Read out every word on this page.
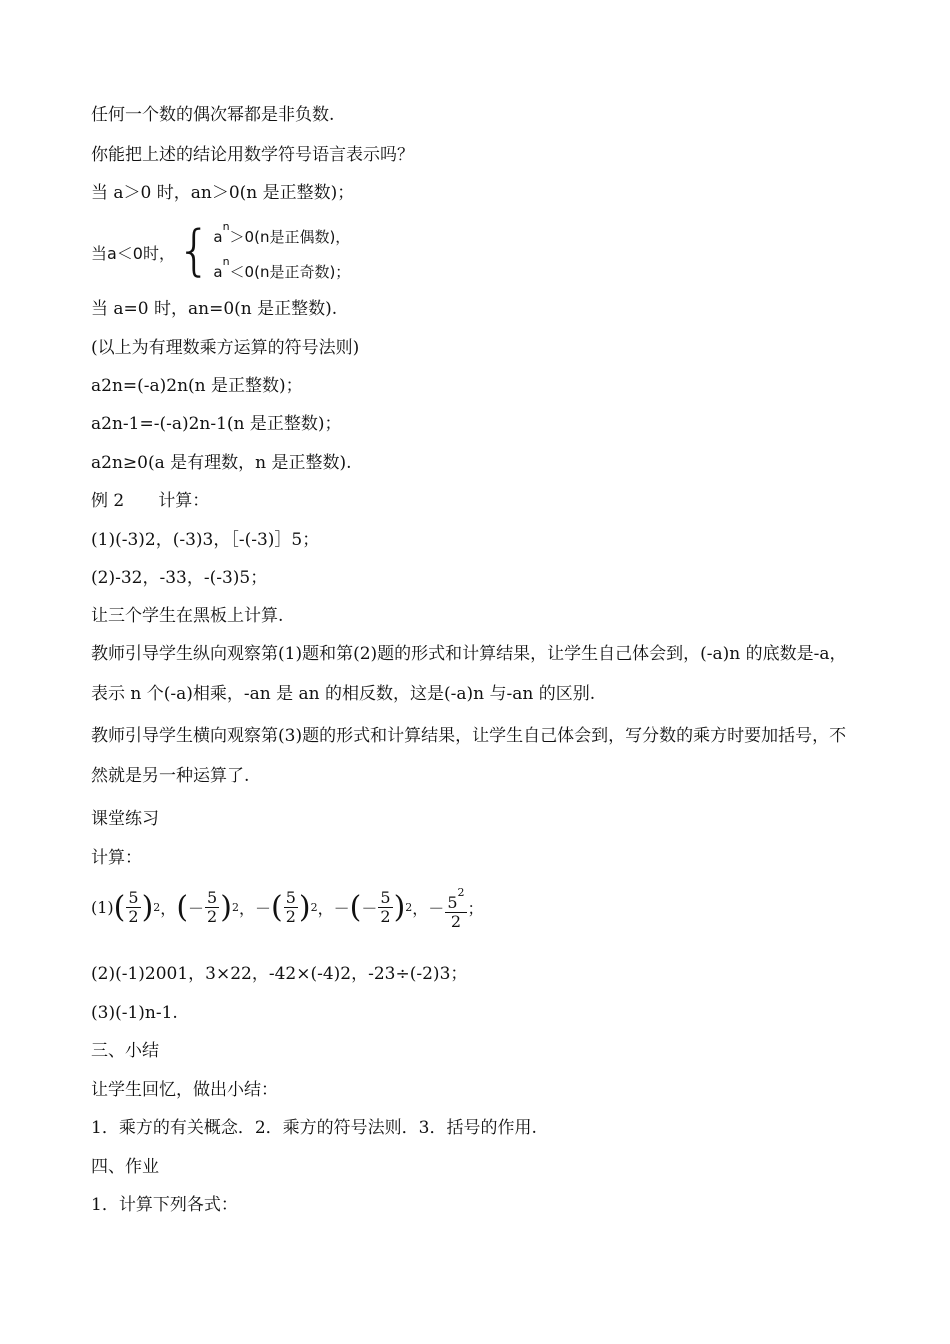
任何一个数的偶次幂都是非负数.
你能把上述的结论用数学符号语言表示吗？
当 a＞0 时，an＞0(n 是正整数)；
当a＜0时， { $a^n>0(n$是正偶数)，
$a^n<0(n$是正奇数)；
当 a=0 时，an=0(n 是正整数).
(以上为有理数乘方运算的符号法则)
a2n=(-a)2n(n 是正整数)；
a2n-1=-(-a)2n-1(n 是正整数)；
a2n≥0(a 是有理数，n 是正整数).
例 2　　计算：
(1)(-3)2，(-3)3，［-(-3)］5；
(2)-32，-33，-(-3)5；
让三个学生在黑板上计算.
教师引导学生纵向观察第(1)题和第(2)题的形式和计算结果，让学生自己体会到，(-a)n 的底数是-a，表示 n 个(-a)相乘，-an 是 an 的相反数，这是(-a)n 与-an 的区别.
教师引导学生横向观察第(3)题的形式和计算结果，让学生自己体会到，写分数的乘方时要加括号，不然就是另一种运算了.
课堂练习
计算：
(1) ( $\frac{5}{2}$ ) 2 ， ( － $\frac{5}{2}$ ) 2 ， － ( $\frac{5}{2}$ ) 2 ， － ( － $\frac{5}{2}$ ) 2 ， － $\frac{5^2}{2}$ ；
(2)(-1)2001，3×22，-42×(-4)2，-23÷(-2)3；
(3)(-1)n-1.
三、小结
让学生回忆，做出小结：
1．乘方的有关概念．2．乘方的符号法则．3．括号的作用.
四、作业
1．计算下列各式：
